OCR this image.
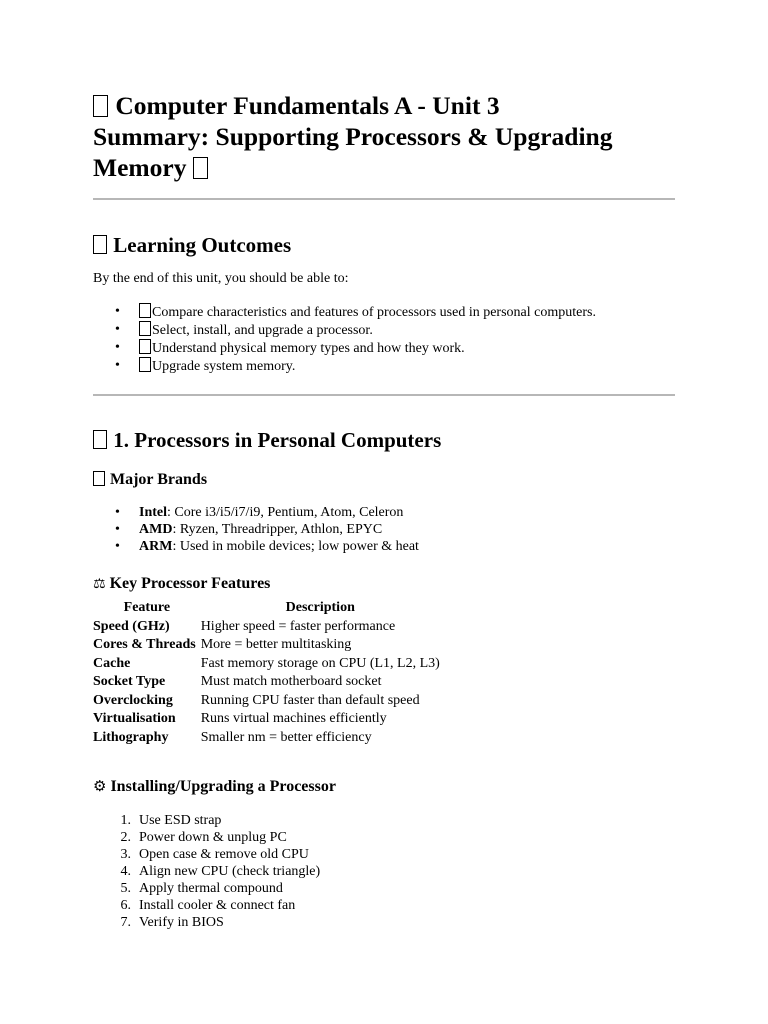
Computer Fundamentals A - Unit 3
Summary: Supporting Processors & Upgrading
Memory
Learning Outcomes

By the end of this unit, you should be able to:

•	Compare characteristics and features of processors used in personal computers.
•	Select, install, and upgrade a processor.
•	Understand physical memory types and how they work.
•	Upgrade system memory.
1. Processors in Personal Computers
Major Brands
•	Intel: Core i3/i5/i7/i9, Pentium, Atom, Celeron
•	AMD: Ryzen, Threadripper, Athlon, EPYC
•	ARM: Used in mobile devices; low power & heat
⚖ Key Processor Features
Feature	Description
Speed (GHz)	Higher speed = faster performance
Cores & Threads	More = better multitasking
Cache	Fast memory storage on CPU (L1, L2, L3)
Socket Type	Must match motherboard socket
Overclocking	Running CPU faster than default speed
Virtualisation	Runs virtual machines efficiently
Lithography	Smaller nm = better efficiency
⚙ Installing/Upgrading a Processor
1. Use ESD strap
2. Power down & unplug PC
3. Open case & remove old CPU
4. Align new CPU (check triangle)
5. Apply thermal compound
6. Install cooler & connect fan
7. Verify in BIOS
